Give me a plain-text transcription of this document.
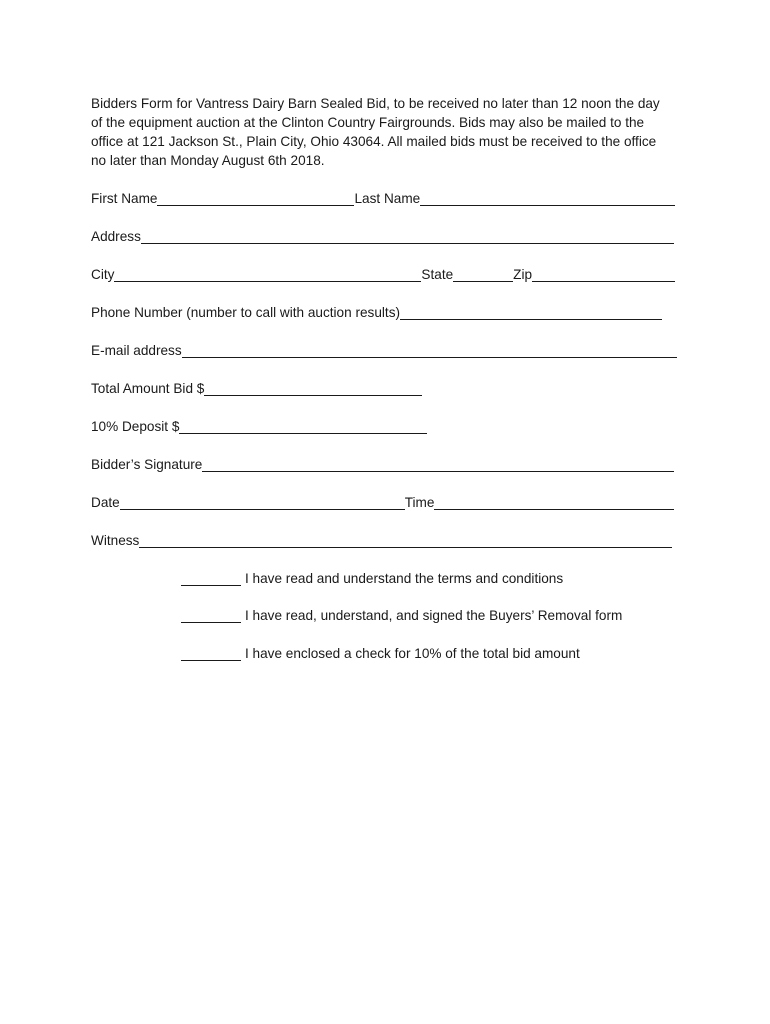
Bidders Form for Vantress Dairy Barn Sealed Bid, to be received no later than 12 noon the day
of the equipment auction at the Clinton Country Fairgrounds. Bids may also be mailed to the
office at 121 Jackson St., Plain City, Ohio 43064. All mailed bids must be received to the office
no later than Monday August 6th 2018.

First Name	Last Name
Address
City	State	Zip
Phone Number (number to call with auction results)
E-mail address
Total Amount Bid $
10% Deposit $
Bidder’s Signature
Date	Time
Witness
I have read and understand the terms and conditions
I have read, understand, and signed the Buyers’ Removal form
I have enclosed a check for 10% of the total bid amount
